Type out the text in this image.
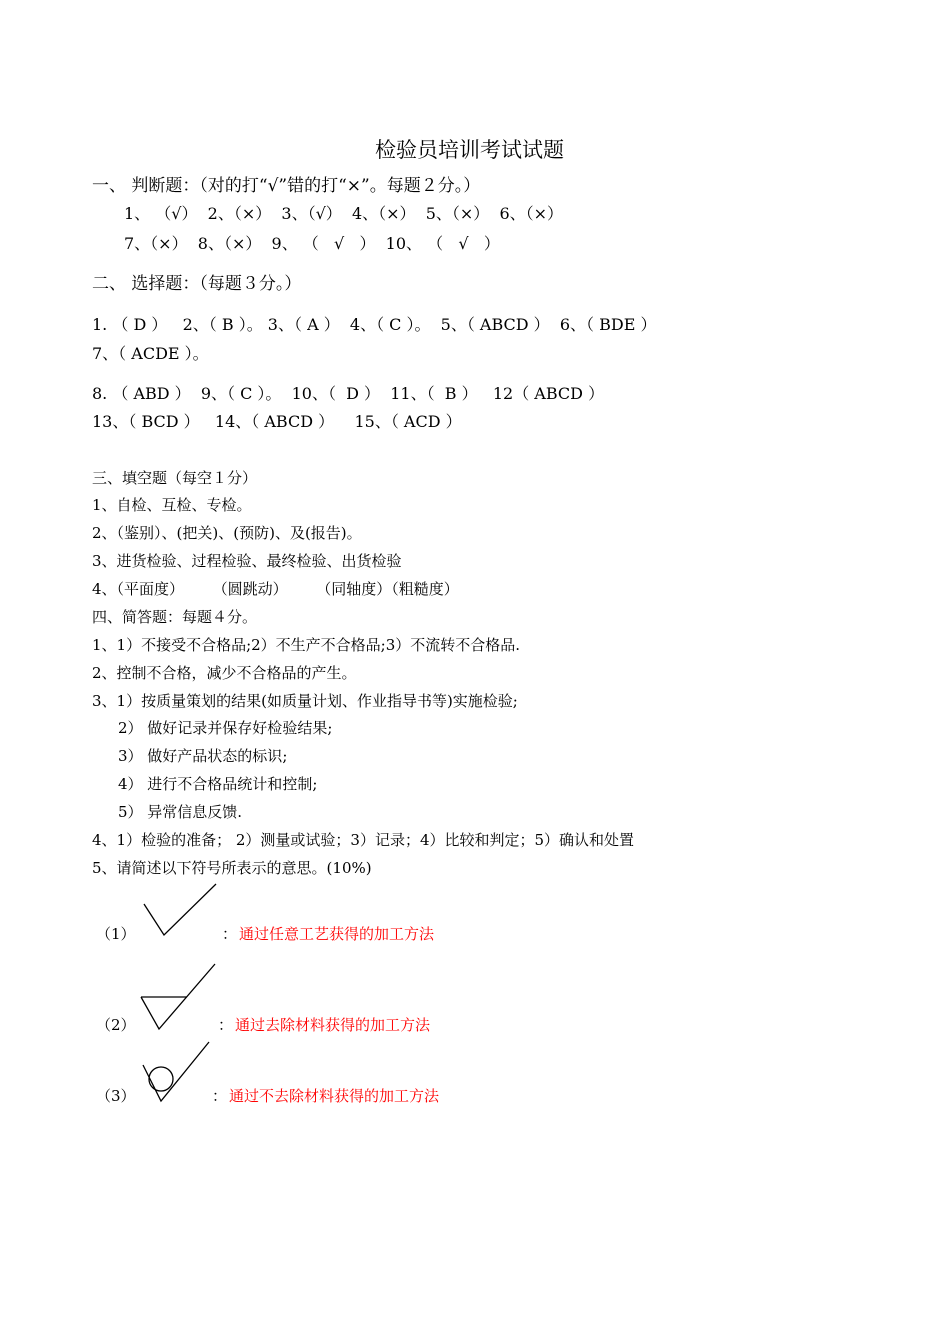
检验员培训考试试题
一、 判断题：（对的打“√”错的打“×”。每题２分。）
1、 （√）  2、（×）  3、（√）  4、（×）  5、（×）  6、（×）
7、（×）  8、（×）  9、 （   √   ）  10、 （   √   ）
二、 选择题：（每题３分。）
1. （ D ）   2、（ B ）。 3、（ A ）  4、（ C ）。  5、（ ABCD ）  6、（ BDE ）
7、（ ACDE ）。
8. （ ABD ）  9、（ C ）。  10、（  D ）  11、（  B ）   12（ ABCD ）
13、（ BCD ）   14、（ ABCD ）    15、（ ACD ）
三、填空题（每空１分）
1、自检、互检、专检。
2、（鉴别）、(把关)、(预防)、及(报告)。
3、进货检验、过程检验、最终检验、出货检验
4、（平面度）      （圆跳动）      （同轴度）（粗糙度）
四、简答题：每题４分。
1、1）不接受不合格品;2）不生产不合格品;3）不流转不合格品.
2、控制不合格，减少不合格品的产生。
3、1）按质量策划的结果(如质量计划、作业指导书等)实施检验;
2） 做好记录并保存好检验结果;
3） 做好产品状态的标识;
4） 进行不合格品统计和控制;
5） 异常信息反馈.
4、1）检验的准备； 2）测量或试验；3）记录；4）比较和判定；5）确认和处置
5、请简述以下符号所表示的意思。(10%)
（1）	： 通过任意工艺获得的加工方法
（2）	： 通过去除材料获得的加工方法
（3）	： 通过不去除材料获得的加工方法
